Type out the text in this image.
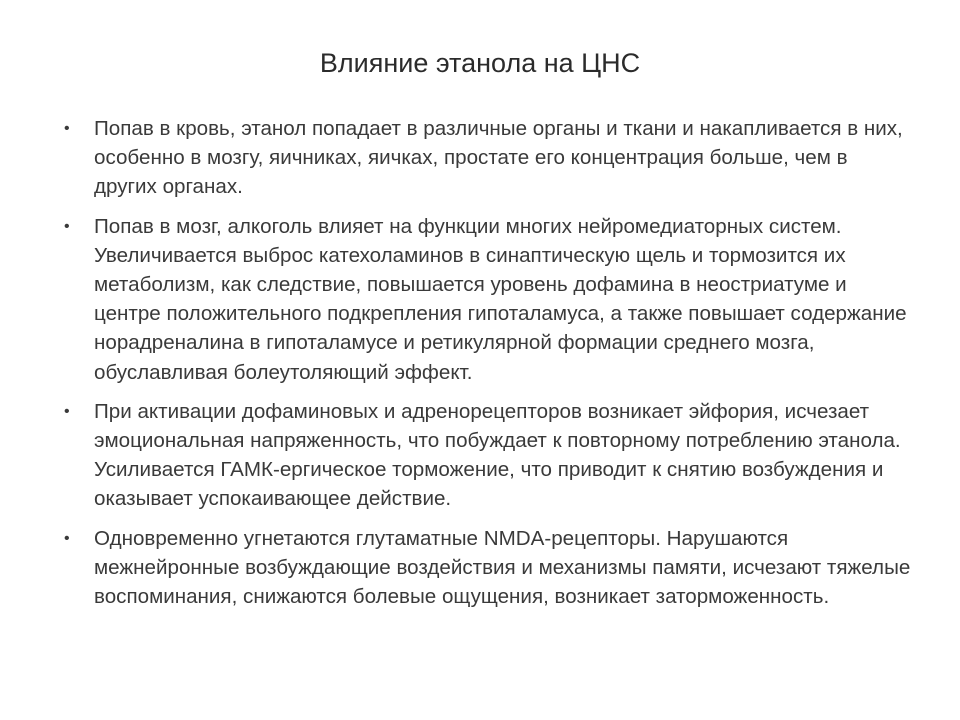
Влияние этанола на ЦНС
• Попав в кровь, этанол попадает в различные органы и ткани и накапливается в них, особенно в мозгу, яичниках, яичках, простате его концентрация больше, чем в других органах.
• Попав в мозг, алкоголь влияет на функции многих нейромедиаторных систем. Увеличивается выброс катехоламинов в синаптическую щель и тормозится их метаболизм, как следствие, повышается уровень дофамина в неостриатуме и центре положительного подкрепления гипоталамуса, а также повышает содержание норадреналина в гипоталамусе и ретикулярной формации среднего мозга, обуславливая болеутоляющий эффект.
• При активации дофаминовых и адренорецепторов возникает эйфория, исчезает эмоциональная напряженность, что побуждает к повторному потреблению этанола. Усиливается ГАМК-ергическое торможение, что приводит к снятию возбуждения и оказывает успокаивающее действие.
• Одновременно угнетаются глутаматные NMDA-рецепторы. Нарушаются межнейронные возбуждающие воздействия и механизмы памяти, исчезают тяжелые воспоминания, снижаются болевые ощущения, возникает заторможенность.
